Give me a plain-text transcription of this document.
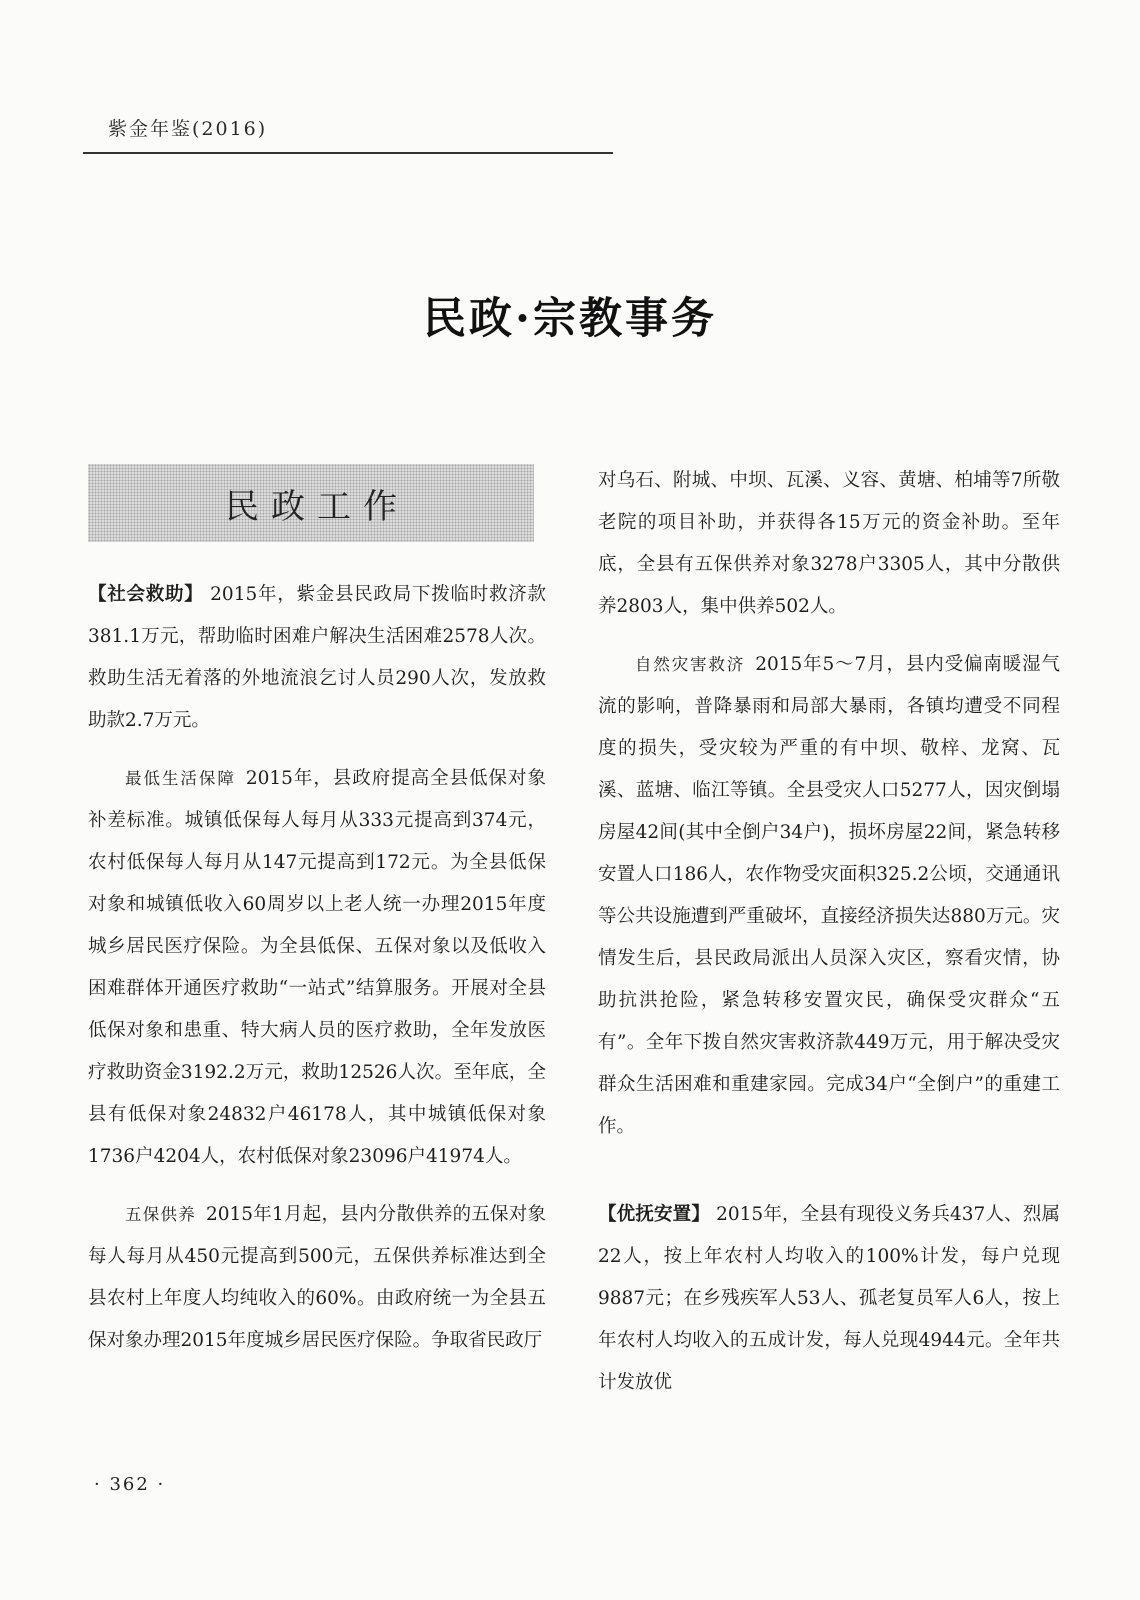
紫金年鉴(2016)
民政·宗教事务
民政工作

【社会救助】 2015年，紫金县民政局下拨临时救济款381.1万元，帮助临时困难户解决生活困难2578人次。救助生活无着落的外地流浪乞讨人员290人次，发放救助款2.7万元。

最低生活保障 2015年，县政府提高全县低保对象补差标准。城镇低保每人每月从333元提高到374元，农村低保每人每月从147元提高到172元。为全县低保对象和城镇低收入60周岁以上老人统一办理2015年度城乡居民医疗保险。为全县低保、五保对象以及低收入困难群体开通医疗救助“一站式”结算服务。开展对全县低保对象和患重、特大病人员的医疗救助，全年发放医疗救助资金3192.2万元，救助12526人次。至年底，全县有低保对象24832户46178人，其中城镇低保对象1736户4204人，农村低保对象23096户41974人。

五保供养 2015年1月起，县内分散供养的五保对象每人每月从450元提高到500元，五保供养标准达到全县农村上年度人均纯收入的60%。由政府统一为全县五保对象办理2015年度城乡居民医疗保险。争取省民政厅

对乌石、附城、中坝、瓦溪、义容、黄塘、柏埔等7所敬老院的项目补助，并获得各15万元的资金补助。至年底，全县有五保供养对象3278户3305人，其中分散供养2803人，集中供养502人。

自然灾害救济 2015年5～7月，县内受偏南暖湿气流的影响，普降暴雨和局部大暴雨，各镇均遭受不同程度的损失，受灾较为严重的有中坝、敬梓、龙窝、瓦溪、蓝塘、临江等镇。全县受灾人口5277人，因灾倒塌房屋42间(其中全倒户34户)，损坏房屋22间，紧急转移安置人口186人，农作物受灾面积325.2公顷，交通通讯等公共设施遭到严重破坏，直接经济损失达880万元。灾情发生后，县民政局派出人员深入灾区，察看灾情，协助抗洪抢险，紧急转移安置灾民，确保受灾群众“五有”。全年下拨自然灾害救济款449万元，用于解决受灾群众生活困难和重建家园。完成34户“全倒户”的重建工作。

【优抚安置】 2015年，全县有现役义务兵437人、烈属22人，按上年农村人均收入的100%计发，每户兑现9887元；在乡残疾军人53人、孤老复员军人6人，按上年农村人均收入的五成计发，每人兑现4944元。全年共计发放优

· 362 ·
